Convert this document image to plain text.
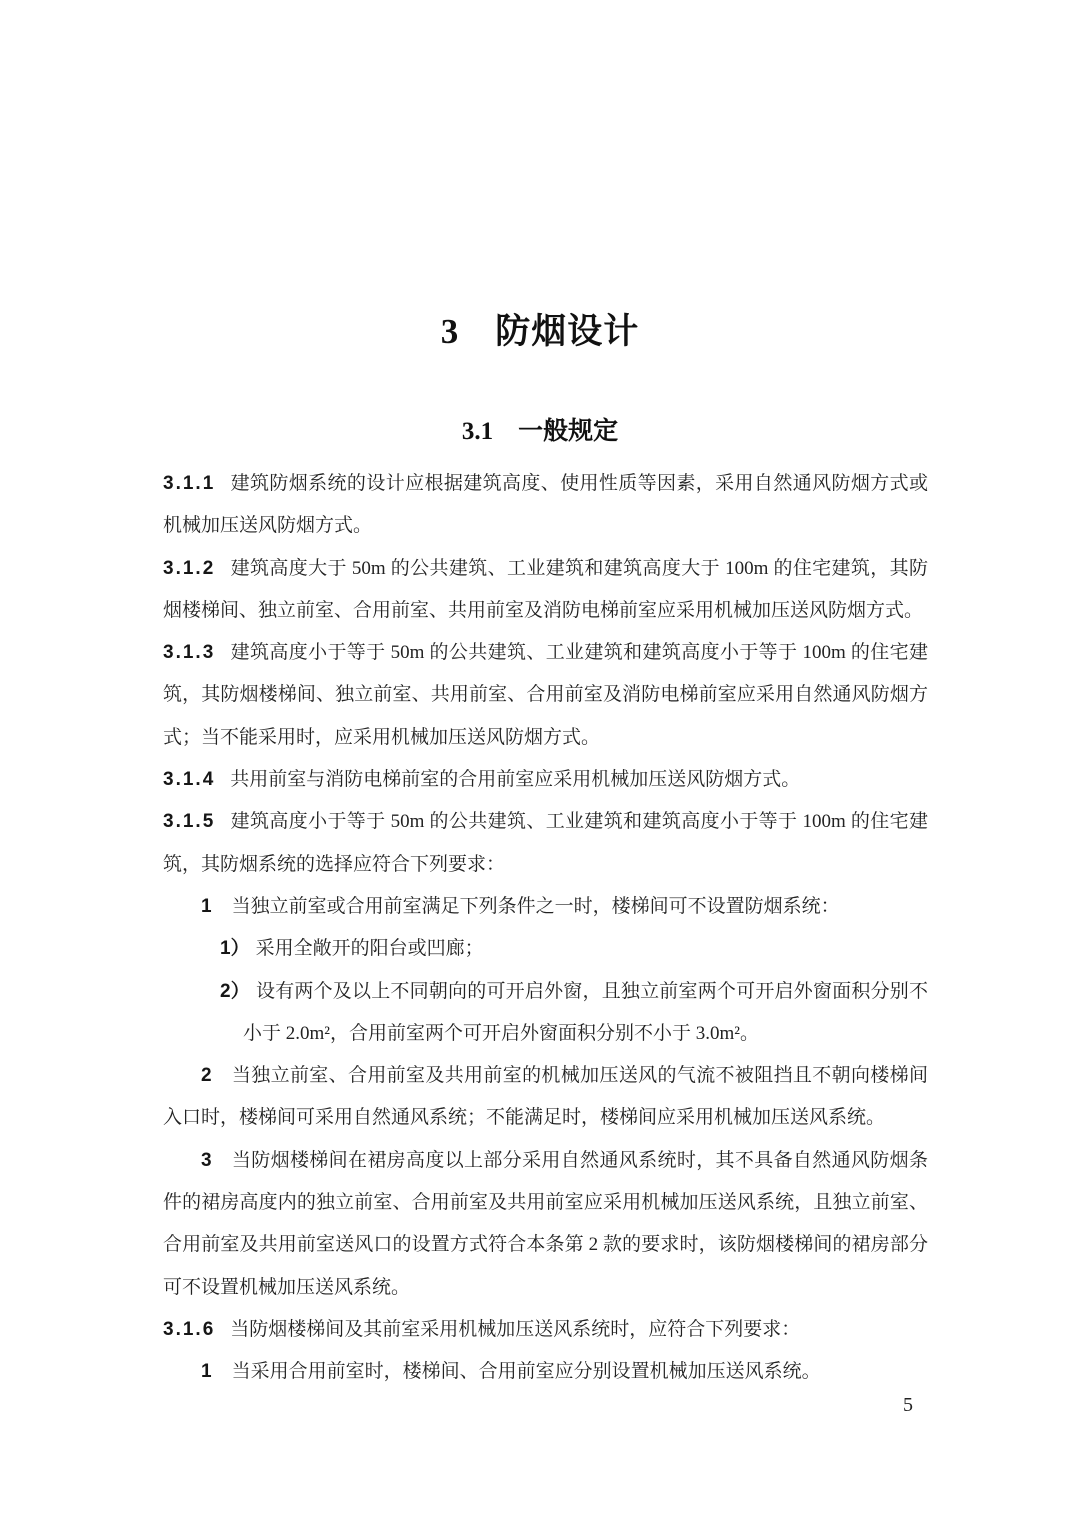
3　防烟设计
3.1　一般规定

3.1.1 建筑防烟系统的设计应根据建筑高度、使用性质等因素，采用自然通风防烟方式或机械加压送风防烟方式。

3.1.2 建筑高度大于 50m 的公共建筑、工业建筑和建筑高度大于 100m 的住宅建筑，其防烟楼梯间、独立前室、合用前室、共用前室及消防电梯前室应采用机械加压送风防烟方式。

3.1.3 建筑高度小于等于 50m 的公共建筑、工业建筑和建筑高度小于等于 100m 的住宅建筑，其防烟楼梯间、独立前室、共用前室、合用前室及消防电梯前室应采用自然通风防烟方式；当不能采用时，应采用机械加压送风防烟方式。

3.1.4 共用前室与消防电梯前室的合用前室应采用机械加压送风防烟方式。

3.1.5 建筑高度小于等于 50m 的公共建筑、工业建筑和建筑高度小于等于 100m 的住宅建筑，其防烟系统的选择应符合下列要求：

1 当独立前室或合用前室满足下列条件之一时，楼梯间可不设置防烟系统：

1） 采用全敞开的阳台或凹廊；

2） 设有两个及以上不同朝向的可开启外窗，且独立前室两个可开启外窗面积分别不小于 2.0m²，合用前室两个可开启外窗面积分别不小于 3.0m²。

2 当独立前室、合用前室及共用前室的机械加压送风的气流不被阻挡且不朝向楼梯间入口时，楼梯间可采用自然通风系统；不能满足时，楼梯间应采用机械加压送风系统。

3 当防烟楼梯间在裙房高度以上部分采用自然通风系统时，其不具备自然通风防烟条件的裙房高度内的独立前室、合用前室及共用前室应采用机械加压送风系统，且独立前室、合用前室及共用前室送风口的设置方式符合本条第 2 款的要求时，该防烟楼梯间的裙房部分可不设置机械加压送风系统。

3.1.6 当防烟楼梯间及其前室采用机械加压送风系统时，应符合下列要求：

1 当采用合用前室时，楼梯间、合用前室应分别设置机械加压送风系统。

5
